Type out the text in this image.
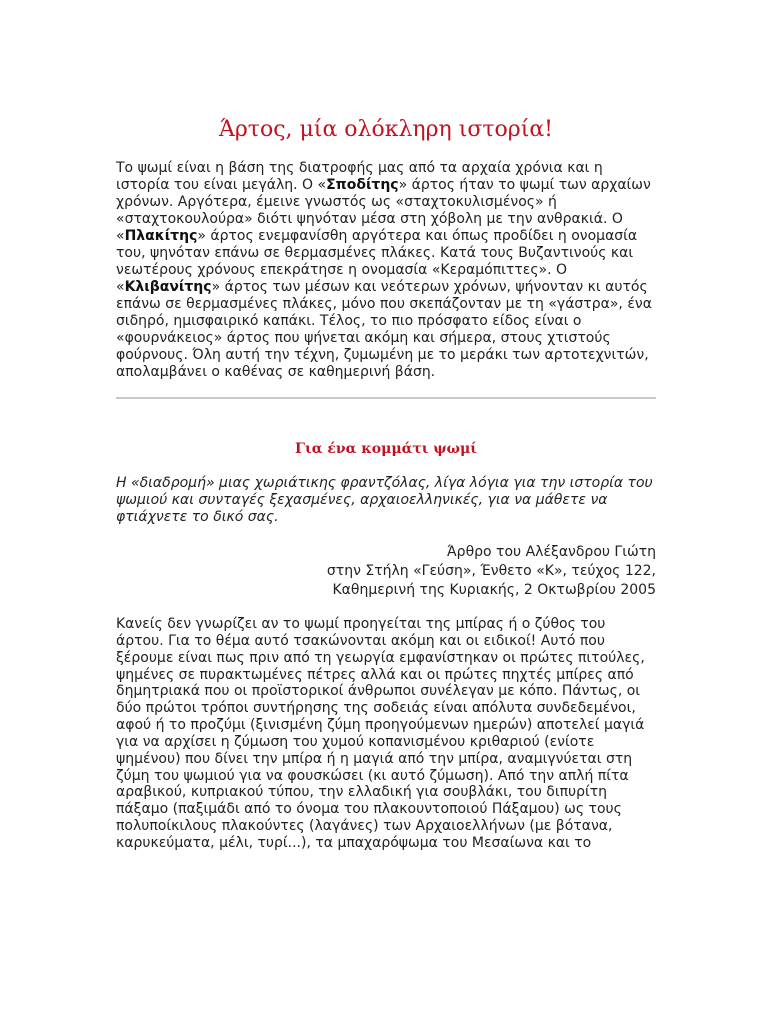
Άρτος, μία ολόκληρη ιστορία!

Το ψωμί είναι η βάση της διατροφής μας από τα αρχαία χρόνια και η ιστορία του είναι μεγάλη. Ο «Σποδίτης» άρτος ήταν το ψωμί των αρχαίων χρόνων. Αργότερα, έμεινε γνωστός ως «σταχτοκυλισμένος» ή «σταχτοκουλούρα» διότι ψηνόταν μέσα στη χόβολη με την ανθρακιά. Ο «Πλακίτης» άρτος ενεμφανίσθη αργότερα και όπως προδίδει η ονομασία του, ψηνόταν επάνω σε θερμασμένες πλάκες. Κατά τους Βυζαντινούς και νεωτέρους χρόνους επεκράτησε η ονομασία «Κεραμόπιττες». Ο «Κλιβανίτης» άρτος των μέσων και νεότερων χρόνων, ψήνονταν κι αυτός επάνω σε θερμασμένες πλάκες, μόνο που σκεπάζονταν με τη «γάστρα», ένα σιδηρό, ημισφαιρικό καπάκι. Τέλος, το πιο πρόσφατο είδος είναι ο «φουρνάκειος» άρτος που ψήνεται ακόμη και σήμερα, στους χτιστούς φούρνους. Όλη αυτή την τέχνη, ζυμωμένη με το μεράκι των αρτοτεχνιτών, απολαμβάνει ο καθένας σε καθημερινή βάση.

Για ένα κομμάτι ψωμί

Η «διαδρομή» μιας χωριάτικης φραντζόλας, λίγα λόγια για την ιστορία του ψωμιού και συνταγές ξεχασμένες, αρχαιοελληνικές, για να μάθετε να φτιάχνετε το δικό σας.

Άρθρο του Αλέξανδρου Γιώτη
στην Στήλη «Γεύση», Ένθετο «Κ», τεύχος 122,
Καθημερινή της Κυριακής, 2 Οκτωβρίου 2005

Κανείς δεν γνωρίζει αν το ψωμί προηγείται της μπίρας ή ο ζύθος του άρτου. Για το θέμα αυτό τσακώνονται ακόμη και οι ειδικοί! Αυτό που ξέρουμε είναι πως πριν από τη γεωργία εμφανίστηκαν οι πρώτες πιτούλες, ψημένες σε πυρακτωμένες πέτρες αλλά και οι πρώτες πηχτές μπίρες από δημητριακά που οι προϊστορικοί άνθρωποι συνέλεγαν με κόπο. Πάντως, οι δύο πρώτοι τρόποι συντήρησης της σοδειάς είναι απόλυτα συνδεδεμένοι, αφού ή το προζύμι (ξινισμένη ζύμη προηγούμενων ημερών) αποτελεί μαγιά για να αρχίσει η ζύμωση του χυμού κοπανισμένου κριθαριού (ενίοτε ψημένου) που δίνει την μπίρα ή η μαγιά από την μπίρα, αναμιγνύεται στη ζύμη του ψωμιού για να φουσκώσει (κι αυτό ζύμωση). Από την απλή πίτα αραβικού, κυπριακού τύπου, την ελλαδική για σουβλάκι, του διπυρίτη πάξαμο (παξιμάδι από το όνομα του πλακουντοποιού Πάξαμου) ως τους πολυποίκιλους πλακούντες (λαγάνες) των Αρχαιοελλήνων (με βότανα, καρυκεύματα, μέλι, τυρί...), τα μπαχαρόψωμα του Μεσαίωνα και το
